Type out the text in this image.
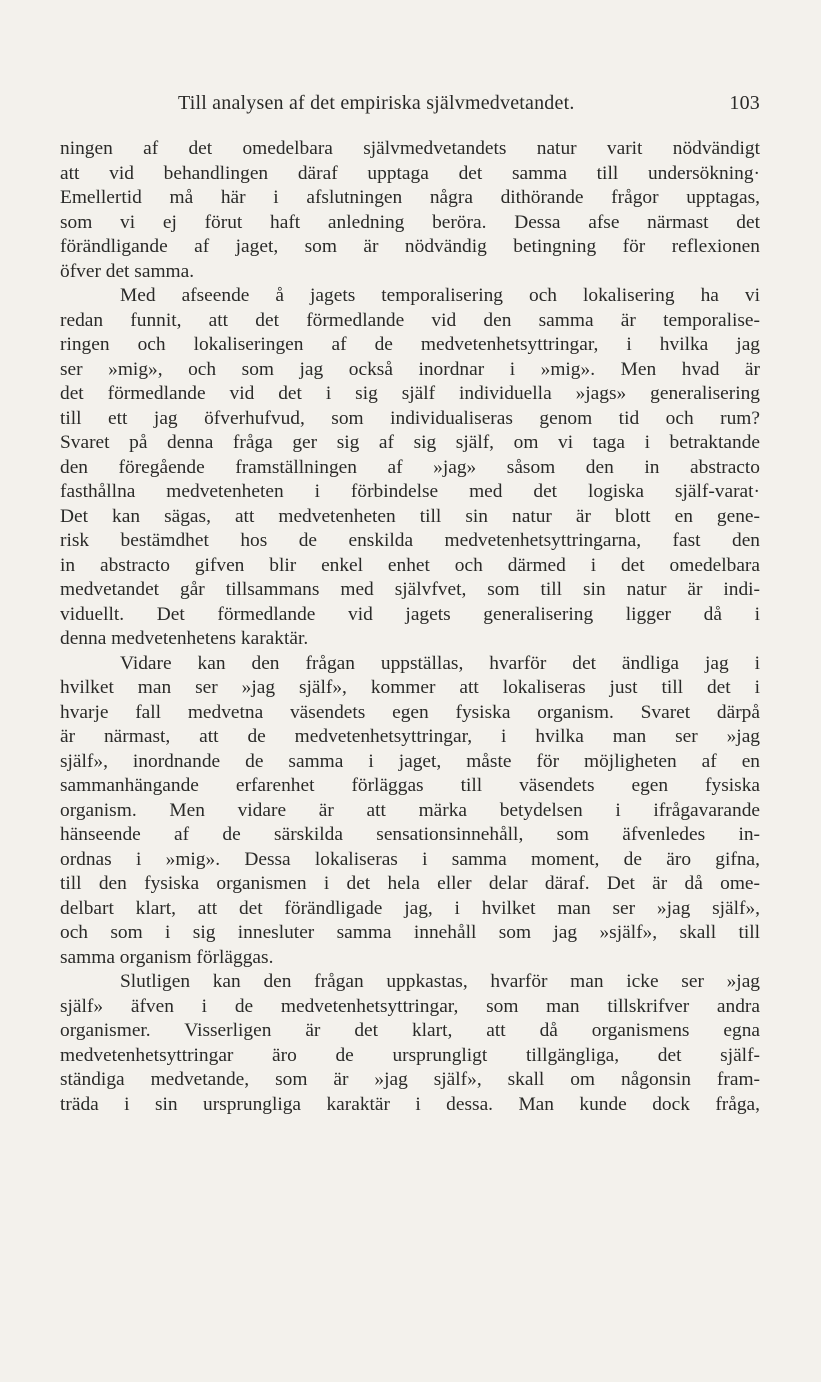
Till analysen af det empiriska självmedvetandet.	103
ningen af det omedelbara självmedvetandets natur varit nödvändigt
att vid behandlingen däraf upptaga det samma till undersökning·
Emellertid må här i afslutningen några dithörande frågor upptagas,
som vi ej förut haft anledning beröra. Dessa afse närmast det
förändligande af jaget, som är nödvändig betingning för reflexionen
öfver det samma.
Med afseende å jagets temporalisering och lokalisering ha vi
redan funnit, att det förmedlande vid den samma är temporalise-
ringen och lokaliseringen af de medvetenhetsyttringar, i hvilka jag
ser »mig», och som jag också inordnar i »mig». Men hvad är
det förmedlande vid det i sig själf individuella »jags» generalisering
till ett jag öfverhufvud, som individualiseras genom tid och rum?
Svaret på denna fråga ger sig af sig själf, om vi taga i betraktande
den föregående framställningen af »jag» såsom den in abstracto
fasthållna medvetenheten i förbindelse med det logiska själf-varat·
Det kan sägas, att medvetenheten till sin natur är blott en gene-
risk bestämdhet hos de enskilda medvetenhetsyttringarna, fast den
in abstracto gifven blir enkel enhet och därmed i det omedelbara
medvetandet går tillsammans med självfvet, som till sin natur är indi-
viduellt. Det förmedlande vid jagets generalisering ligger då i
denna medvetenhetens karaktär.
Vidare kan den frågan uppställas, hvarför det ändliga jag i
hvilket man ser »jag själf», kommer att lokaliseras just till det i
hvarje fall medvetna väsendets egen fysiska organism. Svaret därpå
är närmast, att de medvetenhetsyttringar, i hvilka man ser »jag
själf», inordnande de samma i jaget, måste för möjligheten af en
sammanhängande erfarenhet förläggas till väsendets egen fysiska
organism. Men vidare är att märka betydelsen i ifrågavarande
hänseende af de särskilda sensationsinnehåll, som äfvenledes in-
ordnas i »mig». Dessa lokaliseras i samma moment, de äro gifna,
till den fysiska organismen i det hela eller delar däraf. Det är då ome-
delbart klart, att det förändligade jag, i hvilket man ser »jag själf»,
och som i sig innesluter samma innehåll som jag »själf», skall till
samma organism förläggas.
Slutligen kan den frågan uppkastas, hvarför man icke ser »jag
själf» äfven i de medvetenhetsyttringar, som man tillskrifver andra
organismer. Visserligen är det klart, att då organismens egna
medvetenhetsyttringar äro de ursprungligt tillgängliga, det själf-
ständiga medvetande, som är »jag själf», skall om någonsin fram-
träda i sin ursprungliga karaktär i dessa. Man kunde dock fråga,
